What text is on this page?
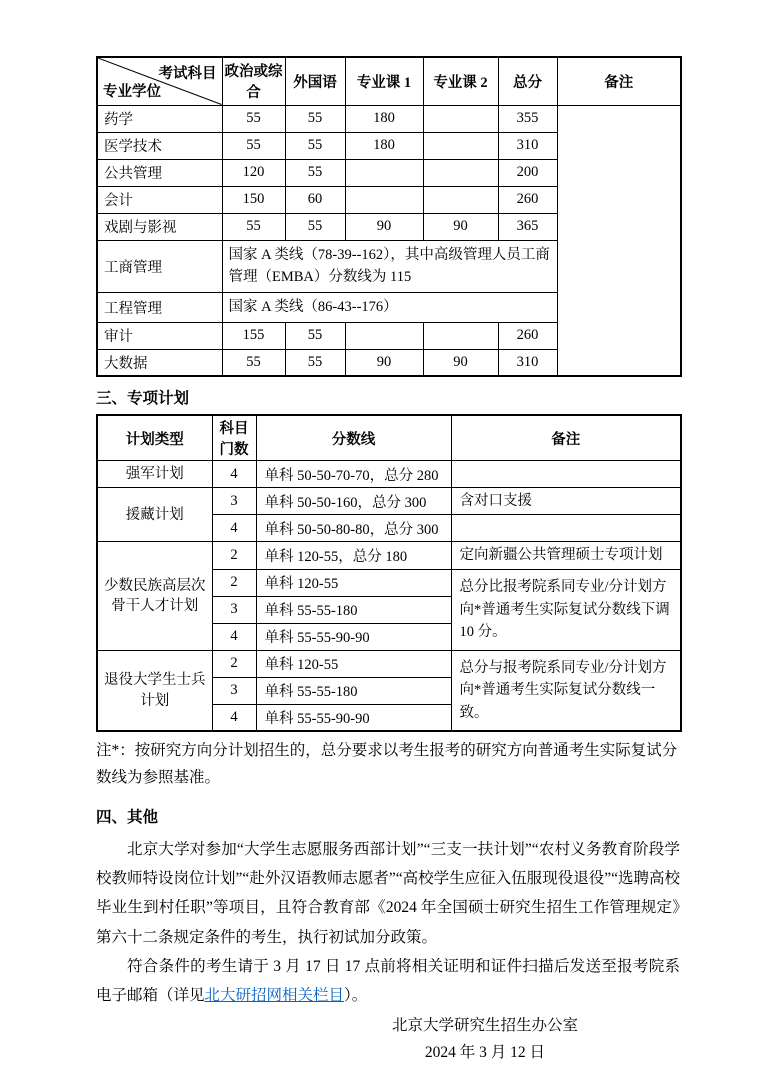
考试科目
专业学位	政治或综合	外国语	专业课 1	专业课 2	总分	备注
药学	55	55	180		355	
医学技术	55	55	180		310	
公共管理	120	55			200	
会计	150	60			260	
戏剧与影视	55	55	90	90	365	
工商管理	国家 A 类线（78-39--162），其中高级管理人员工商管理（EMBA）分数线为 115					
工程管理	国家 A 类线（86-43--176）					
审计	155	55			260	
大数据	55	55	90	90	310	
三、专项计划
计划类型	科目门数	分数线	备注
强军计划	4	单科 50-50-70-70，总分 280	
援藏计划	3	单科 50-50-160，总分 300	含对口支援
	4	单科 50-50-80-80，总分 300	
少数民族高层次骨干人才计划	2	单科 120-55，总分 180	定向新疆公共管理硕士专项计划
	2	单科 120-55	总分比报考院系同专业/分计划方向*普通考生实际复试分数线下调 10 分。
	3	单科 55-55-180	
	4	单科 55-55-90-90	
退役大学生士兵计划	2	单科 120-55	总分与报考院系同专业/分计划方向*普通考生实际复试分数线一致。
	3	单科 55-55-180	
	4	单科 55-55-90-90	
注*：按研究方向分计划招生的，总分要求以考生报考的研究方向普通考生实际复试分数线为参照基准。
四、其他

北京大学对参加“大学生志愿服务西部计划”“三支一扶计划”“农村义务教育阶段学校教师特设岗位计划”“赴外汉语教师志愿者”“高校学生应征入伍服现役退役”“选聘高校毕业生到村任职”等项目，且符合教育部《2024 年全国硕士研究生招生工作管理规定》第六十二条规定条件的考生，执行初试加分政策。

符合条件的考生请于 3 月 17 日 17 点前将相关证明和证件扫描后发送至报考院系电子邮箱（详见北大研招网相关栏目）。

北京大学研究生招生办公室
2024 年 3 月 12 日
